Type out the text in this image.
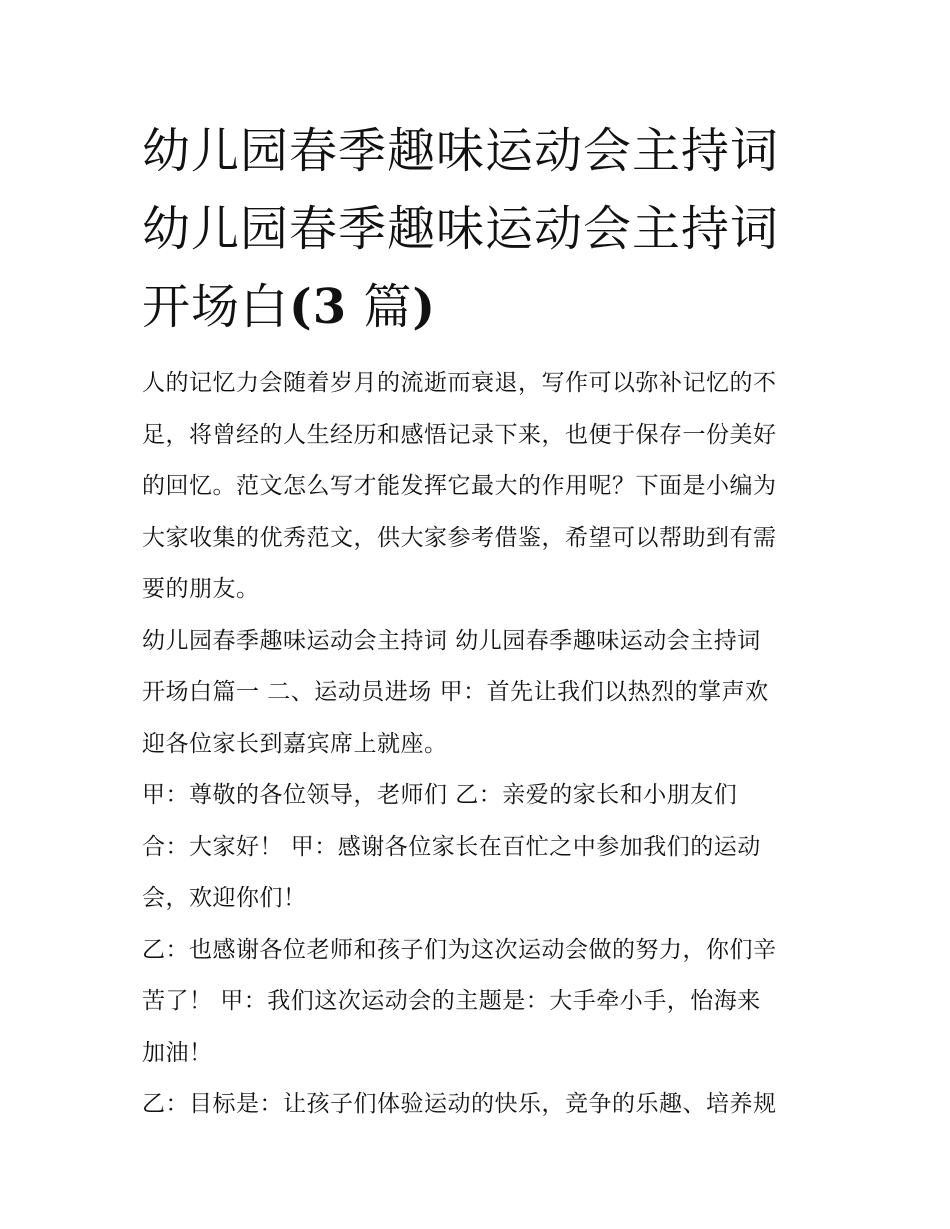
幼儿园春季趣味运动会主持词
幼儿园春季趣味运动会主持词
开场白(3 篇)

人的记忆力会随着岁月的流逝而衰退，写作可以弥补记忆的不
足，将曾经的人生经历和感悟记录下来，也便于保存一份美好
的回忆。范文怎么写才能发挥它最大的作用呢？下面是小编为
大家收集的优秀范文，供大家参考借鉴，希望可以帮助到有需
要的朋友。

幼儿园春季趣味运动会主持词 幼儿园春季趣味运动会主持词
开场白篇一 二、运动员进场 甲：首先让我们以热烈的掌声欢
迎各位家长到嘉宾席上就座。

甲：尊敬的各位领导，老师们 乙：亲爱的家长和小朋友们
合：大家好！ 甲：感谢各位家长在百忙之中参加我们的运动
会，欢迎你们！

乙：也感谢各位老师和孩子们为这次运动会做的努力，你们辛
苦了！ 甲：我们这次运动会的主题是：大手牵小手，怡海来
加油！

乙：目标是：让孩子们体验运动的快乐，竞争的乐趣、培养规
